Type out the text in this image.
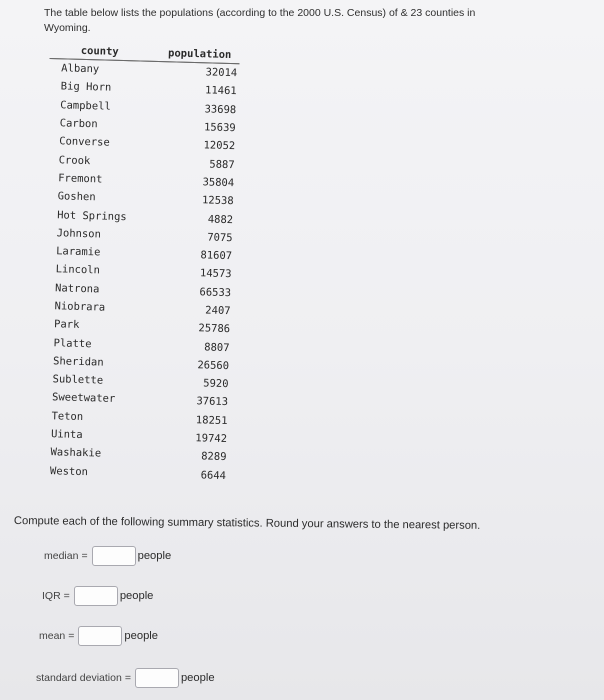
The table below lists the populations (according to the 2000 U.S. Census) of & 23 counties in Wyoming.

county	population
Albany	32014
Big Horn	11461
Campbell	33698
Carbon	15639
Converse	12052
Crook	5887
Fremont	35804
Goshen	12538
Hot Springs	4882
Johnson	7075
Laramie	81607
Lincoln	14573
Natrona	66533
Niobrara	2407
Park	25786
Platte	8807
Sheridan	26560
Sublette	5920
Sweetwater	37613
Teton	18251
Uinta	19742
Washakie	8289
Weston	6644

Compute each of the following summary statistics. Round your answers to the nearest person.

median =	people
IQR =	people
mean =	people
standard deviation =	people
